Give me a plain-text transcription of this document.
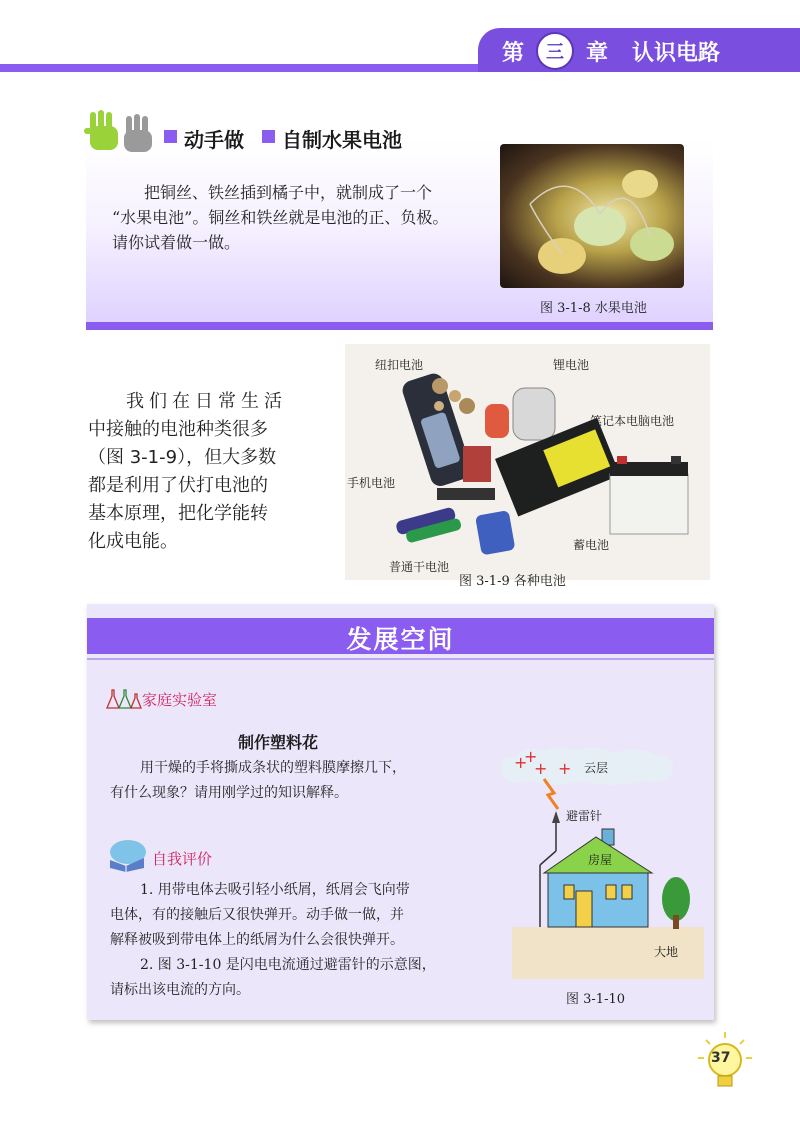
第	三	章 认识电路
动手做 自制水果电池
把铜丝、铁丝插到橘子中，就制成了一个
“水果电池”。铜丝和铁丝就是电池的正、负极。
请你试着做一做。
图 3-1-8 水果电池
我们在日常生活
中接触的电池种类很多
（图 3-1-9），但大多数
都是利用了伏打电池的
基本原理，把化学能转
化成电能。
纽扣电池	锂电池
笔记本电脑电池
手机电池
蓄电池
普通干电池
图 3-1-9 各种电池
发展空间
家庭实验室
制作塑料花
用干燥的手将撕成条状的塑料膜摩擦几下，
有什么现象？请用刚学过的知识解释。
自我评价
1. 用带电体去吸引轻小纸屑，纸屑会飞向带
电体，有的接触后又很快弹开。动手做一做，并
解释被吸到带电体上的纸屑为什么会很快弹开。
2. 图 3-1-10 是闪电电流通过避雷针的示意图，
请标出该电流的方向。
+
+
+ + 云层
避雷针
房屋
大地
图 3-1-10
37
